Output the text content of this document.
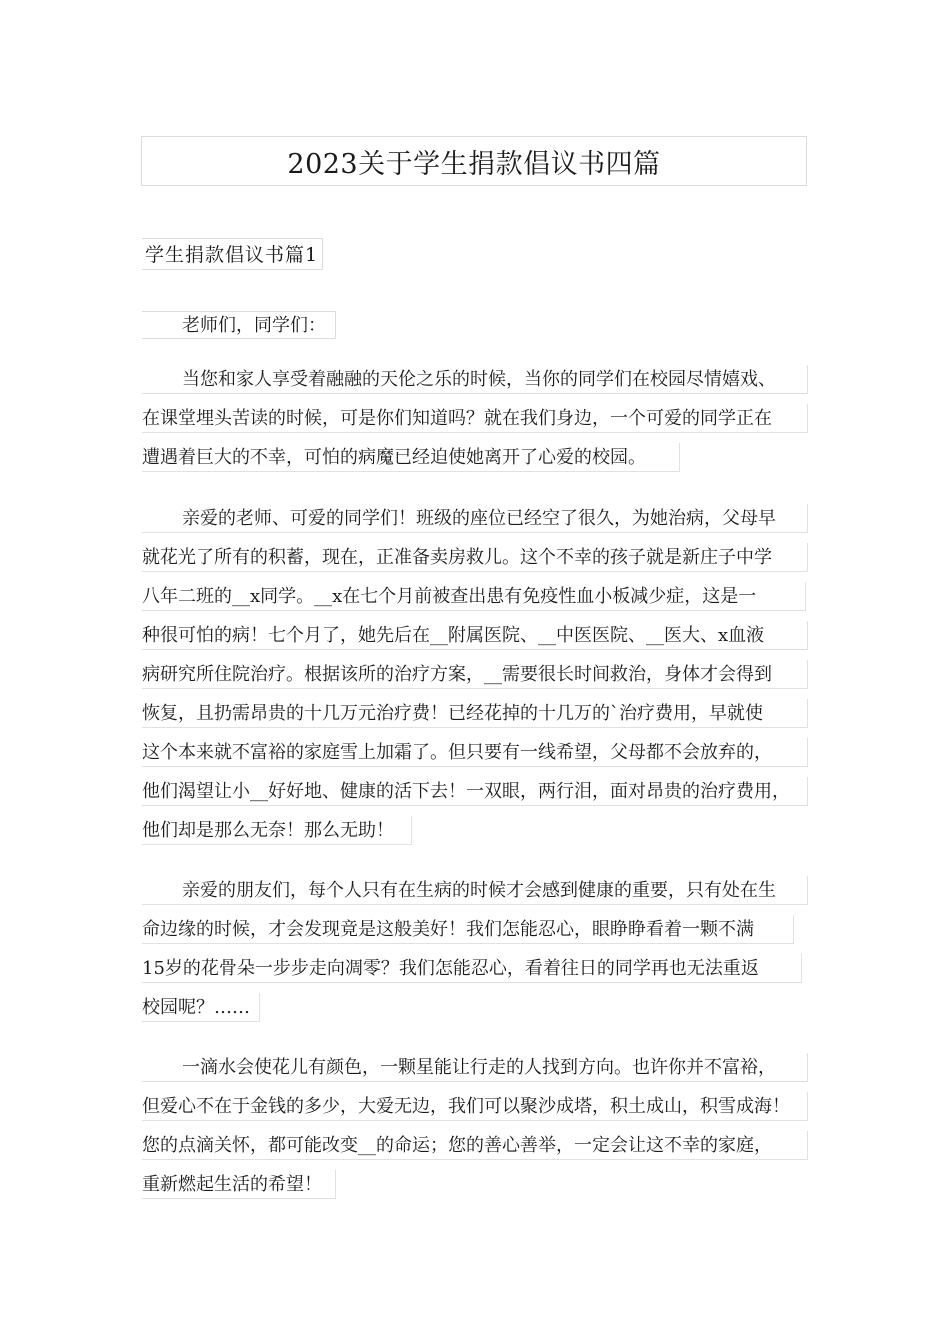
2023关于学生捐款倡议书四篇
学生捐款倡议书篇1
老师们，同学们：
当您和家人享受着融融的天伦之乐的时候，当你的同学们在校园尽情嬉戏、
在课堂埋头苦读的时候，可是你们知道吗？就在我们身边，一个可爱的同学正在
遭遇着巨大的不幸，可怕的病魔已经迫使她离开了心爱的校园。
亲爱的老师、可爱的同学们！班级的座位已经空了很久，为她治病，父母早
就花光了所有的积蓄，现在，正准备卖房救儿。这个不幸的孩子就是新庄子中学
八年二班的__x同学。__x在七个月前被查出患有免疫性血小板减少症，这是一
种很可怕的病！七个月了，她先后在__附属医院、__中医医院、__医大、x血液
病研究所住院治疗。根据该所的治疗方案，__需要很长时间救治，身体才会得到
恢复，且扔需昂贵的十几万元治疗费！已经花掉的十几万的`治疗费用，早就使
这个本来就不富裕的家庭雪上加霜了。但只要有一线希望，父母都不会放弃的，
他们渴望让小__好好地、健康的活下去！一双眼，两行泪，面对昂贵的治疗费用，
他们却是那么无奈！那么无助！
亲爱的朋友们，每个人只有在生病的时候才会感到健康的重要，只有处在生
命边缘的时候，才会发现竟是这般美好！我们怎能忍心，眼睁睁看着一颗不满
15岁的花骨朵一步步走向凋零？我们怎能忍心，看着往日的同学再也无法重返
校园呢？……
一滴水会使花儿有颜色，一颗星能让行走的人找到方向。也许你并不富裕，
但爱心不在于金钱的多少，大爱无边，我们可以聚沙成塔，积土成山，积雪成海！
您的点滴关怀，都可能改变__的命运；您的善心善举，一定会让这不幸的家庭，
重新燃起生活的希望！
